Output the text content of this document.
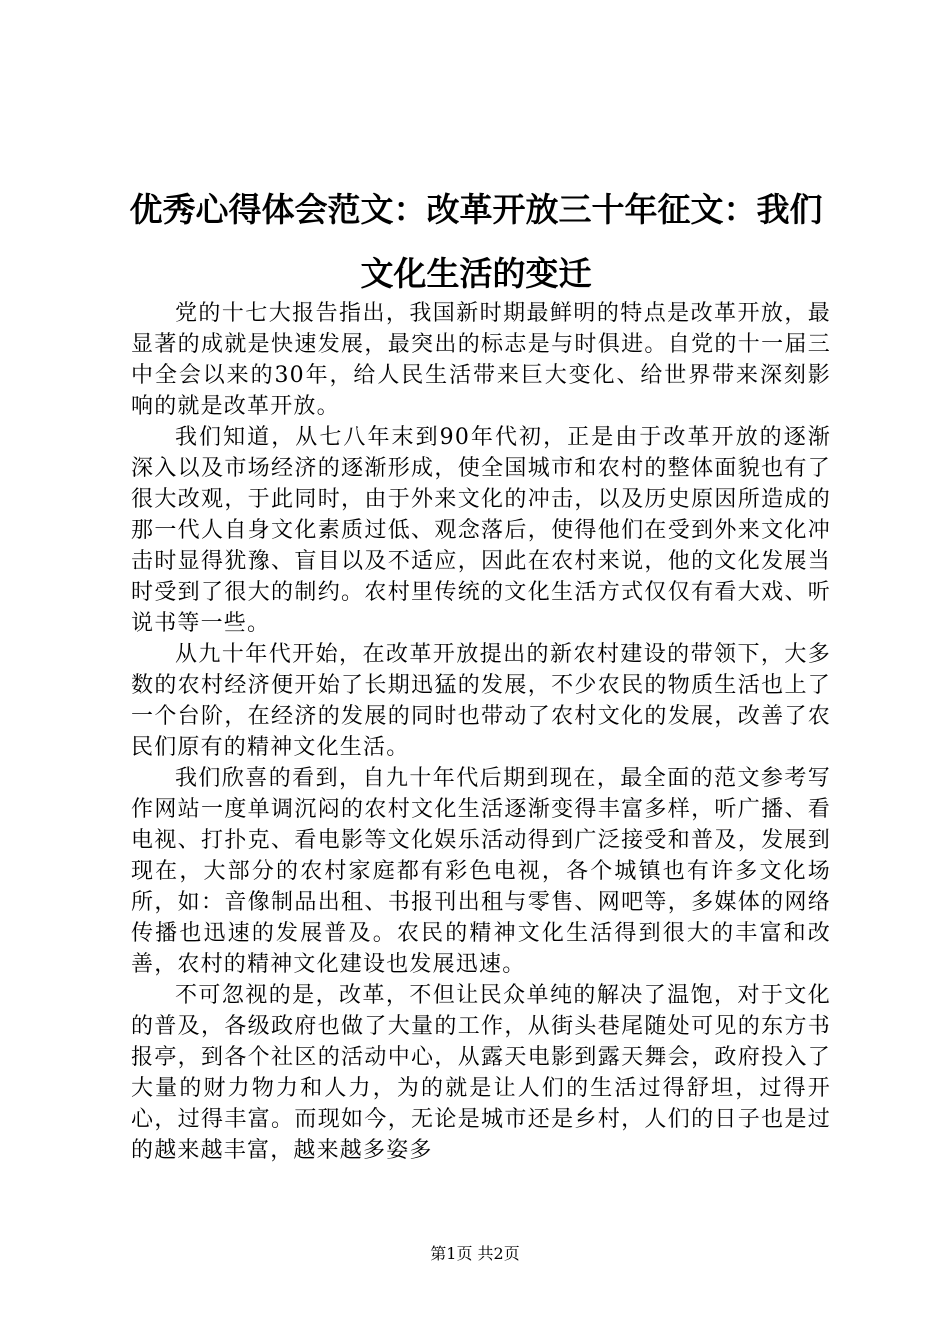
优秀心得体会范文：改革开放三十年征文：我们文化生活的变迁

党的十七大报告指出，我国新时期最鲜明的特点是改革开放，最显著的成就是快速发展，最突出的标志是与时俱进。自党的十一届三中全会以来的30年，给人民生活带来巨大变化、给世界带来深刻影响的就是改革开放。

我们知道，从七八年末到90年代初，正是由于改革开放的逐渐深入以及市场经济的逐渐形成，使全国城市和农村的整体面貌也有了很大改观，于此同时，由于外来文化的冲击，以及历史原因所造成的那一代人自身文化素质过低、观念落后，使得他们在受到外来文化冲击时显得犹豫、盲目以及不适应，因此在农村来说，他的文化发展当时受到了很大的制约。农村里传统的文化生活方式仅仅有看大戏、听说书等一些。

从九十年代开始，在改革开放提出的新农村建设的带领下，大多数的农村经济便开始了长期迅猛的发展，不少农民的物质生活也上了一个台阶，在经济的发展的同时也带动了农村文化的发展，改善了农民们原有的精神文化生活。

我们欣喜的看到，自九十年代后期到现在，最全面的范文参考写作网站一度单调沉闷的农村文化生活逐渐变得丰富多样，听广播、看电视、打扑克、看电影等文化娱乐活动得到广泛接受和普及，发展到现在，大部分的农村家庭都有彩色电视，各个城镇也有许多文化场所，如：音像制品出租、书报刊出租与零售、网吧等，多媒体的网络传播也迅速的发展普及。农民的精神文化生活得到很大的丰富和改善，农村的精神文化建设也发展迅速。

不可忽视的是，改革，不但让民众单纯的解决了温饱，对于文化的普及，各级政府也做了大量的工作，从街头巷尾随处可见的东方书报亭，到各个社区的活动中心，从露天电影到露天舞会，政府投入了大量的财力物力和人力，为的就是让人们的生活过得舒坦，过得开心，过得丰富。而现如今，无论是城市还是乡村，人们的日子也是过的越来越丰富，越来越多姿多

第1页 共2页
